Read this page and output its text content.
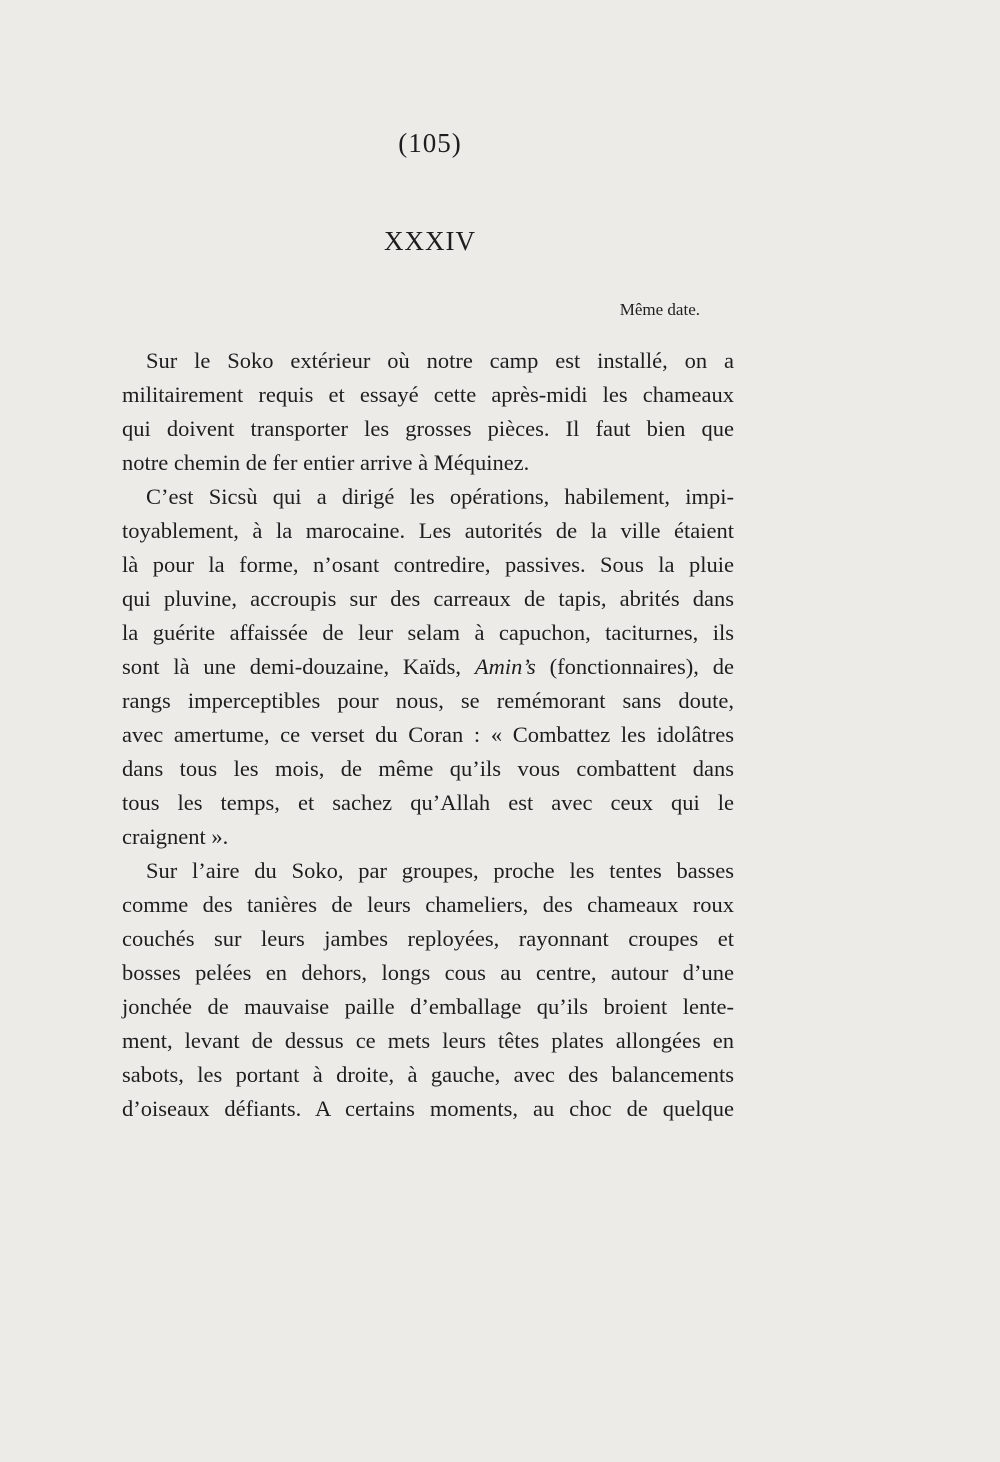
(105)
XXXIV
Même date.
Sur le Soko extérieur où notre camp est installé, on a
militairement requis et essayé cette après-midi les chameaux
qui doivent transporter les grosses pièces. Il faut bien que
notre chemin de fer entier arrive à Méquinez.
C’est Sicsù qui a dirigé les opérations, habilement, impi-
toyablement, à la marocaine. Les autorités de la ville étaient
là pour la forme, n’osant contredire, passives. Sous la pluie
qui pluvine, accroupis sur des carreaux de tapis, abrités dans
la guérite affaissée de leur selam à capuchon, taciturnes, ils
sont là une demi-douzaine, Kaïds, Amin’s (fonctionnaires), de
rangs imperceptibles pour nous, se remémorant sans doute,
avec amertume, ce verset du Coran : « Combattez les idolâtres
dans tous les mois, de même qu’ils vous combattent dans
tous les temps, et sachez qu’Allah est avec ceux qui le
craignent ».
Sur l’aire du Soko, par groupes, proche les tentes basses
comme des tanières de leurs chameliers, des chameaux roux
couchés sur leurs jambes reployées, rayonnant croupes et
bosses pelées en dehors, longs cous au centre, autour d’une
jonchée de mauvaise paille d’emballage qu’ils broient lente-
ment, levant de dessus ce mets leurs têtes plates allongées en
sabots, les portant à droite, à gauche, avec des balancements
d’oiseaux défiants. A certains moments, au choc de quelque
